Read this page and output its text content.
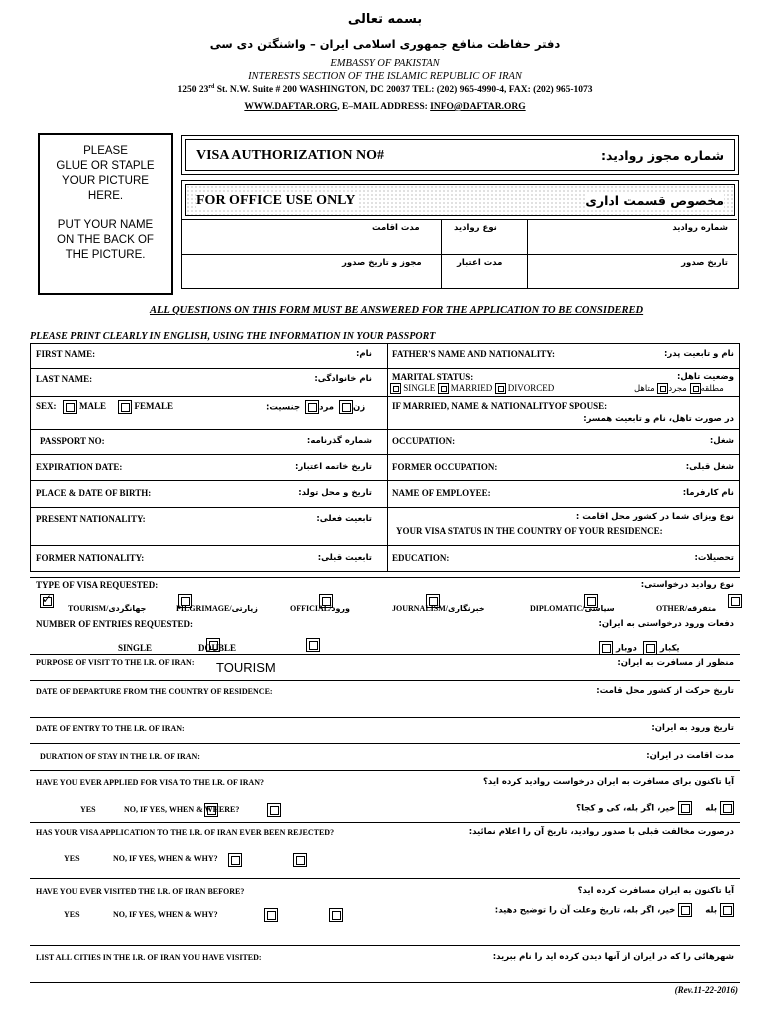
بسمه تعالی
دفتر حفاظت منافع جمهوری اسلامی ایران – واشنگتن دی سی
EMBASSY OF PAKISTAN
INTERESTS SECTION OF THE ISLAMIC REPUBLIC OF IRAN
1250 23rd St. N.W. Suite # 200 WASHINGTON, DC 20037 TEL: (202) 965-4990-4, FAX: (202) 965-1073
WWW.DAFTAR.ORG, E–MAIL ADDRESS: INFO@DAFTAR.ORG
PLEASE
GLUE OR STAPLE
YOUR PICTURE
HERE.
PUT YOUR NAME
ON THE BACK OF
THE PICTURE.
VISA AUTHORIZATION NO#	شماره مجوز روادید:
FOR OFFICE USE ONLY	مخصوص قسمت اداری
مدت اقامت	نوع روادید	شماره روادید
مجوز و تاریخ صدور	مدت اعتبار	تاریخ صدور
ALL QUESTIONS ON THIS FORM MUST BE ANSWERED FOR THE APPLICATION TO BE CONSIDERED
PLEASE PRINT CLEARLY IN ENGLISH, USING THE INFORMATION IN YOUR PASSPORT
FIRST NAME:	نام: FATHER'S NAME AND NATIONALITY:	نام و تابعیت پدر:
LAST NAME:	نام خانوادگی: MARITAL STATUS:	وضعیت تاهل:
SINGLE MARRIED DIVORCED	مطلقه مجرد متاهل
SEX:	MALE	FEMALE	زن مرد جنسیت:	IF MARRIED, NAME & NATIONALITYOF SPOUSE:
در صورت تاهل، نام و تابعیت همسر:
PASSPORT NO:	شماره گذرنامه: OCCUPATION:	شغل:
EXPIRATION DATE:	تاریخ خاتمه اعتبار: FORMER OCCUPATION:	شغل قبلی:
PLACE & DATE OF BIRTH:	تاریخ و محل تولد: NAME OF EMPLOYEE:	نام کارفرما:
PRESENT NATIONALITY:	تابعیت فعلی:	نوع ویزای شما در کشور محل اقامت :
YOUR VISA STATUS IN THE COUNTRY OF YOUR RESIDENCE:
FORMER NATIONALITY:	تابعیت قبلی: EDUCATION:	تحصیلات:
TYPE OF VISA REQUESTED:	نوع روادید درخواستی:
✓
TOURISM/جهانگردی
	PILGRIMAGE/زیارتی
	OFFICIAL/ورود
	JOURNALISM/خبرنگاری
	DIPLOMATIC/سیاسی
	OTHER/متفرقه
NUMBER OF ENTRIES REQUESTED:	دفعات ورود درخواستی به ایران:

SINGLE
	DOUBLE	یکبار دوبار
PURPOSE OF VISIT TO THE I.R. OF IRAN: TOURISM	منظور از مسافرت به ایران:
DATE OF DEPARTURE FROM THE COUNTRY OF RESIDENCE:	تاریخ حرکت از کشور محل قامت:
DATE OF ENTRY TO THE I.R. OF IRAN:	تاریخ ورود به ایران:
DURATION OF STAY IN THE I.R. OF IRAN:	مدت اقامت در ایران:
HAVE YOU EVER APPLIED FOR VISA TO THE I.R. OF IRAN?	آیا تاکنون برای مسافرت به ایران درخواست روادید کرده اید؟

YES
	NO, IF YES, WHEN & WHERE?	بله  خیر، اگر بله، کی و کجا؟
HAS YOUR VISA APPLICATION TO THE I.R. OF IRAN EVER BEEN REJECTED?	درصورت مخالفت قبلی با صدور روادید، تاریخ آن را اعلام نمائید:

YES
	NO, IF YES, WHEN & WHY?
HAVE YOU EVER VISITED THE I.R. OF IRAN BEFORE?	آیا تاکنون به ایران مسافرت کرده اید؟

YES	NO, IF YES, WHEN & WHY?	بله  خیر، اگر بله، تاریخ وعلت آن را توضیح دهید:
LIST ALL CITIES IN THE I.R. OF IRAN YOU HAVE VISITED:	شهرهائی را که در ایران از آنها دیدن کرده اید را نام ببرید:
(Rev.11-22-2016)
